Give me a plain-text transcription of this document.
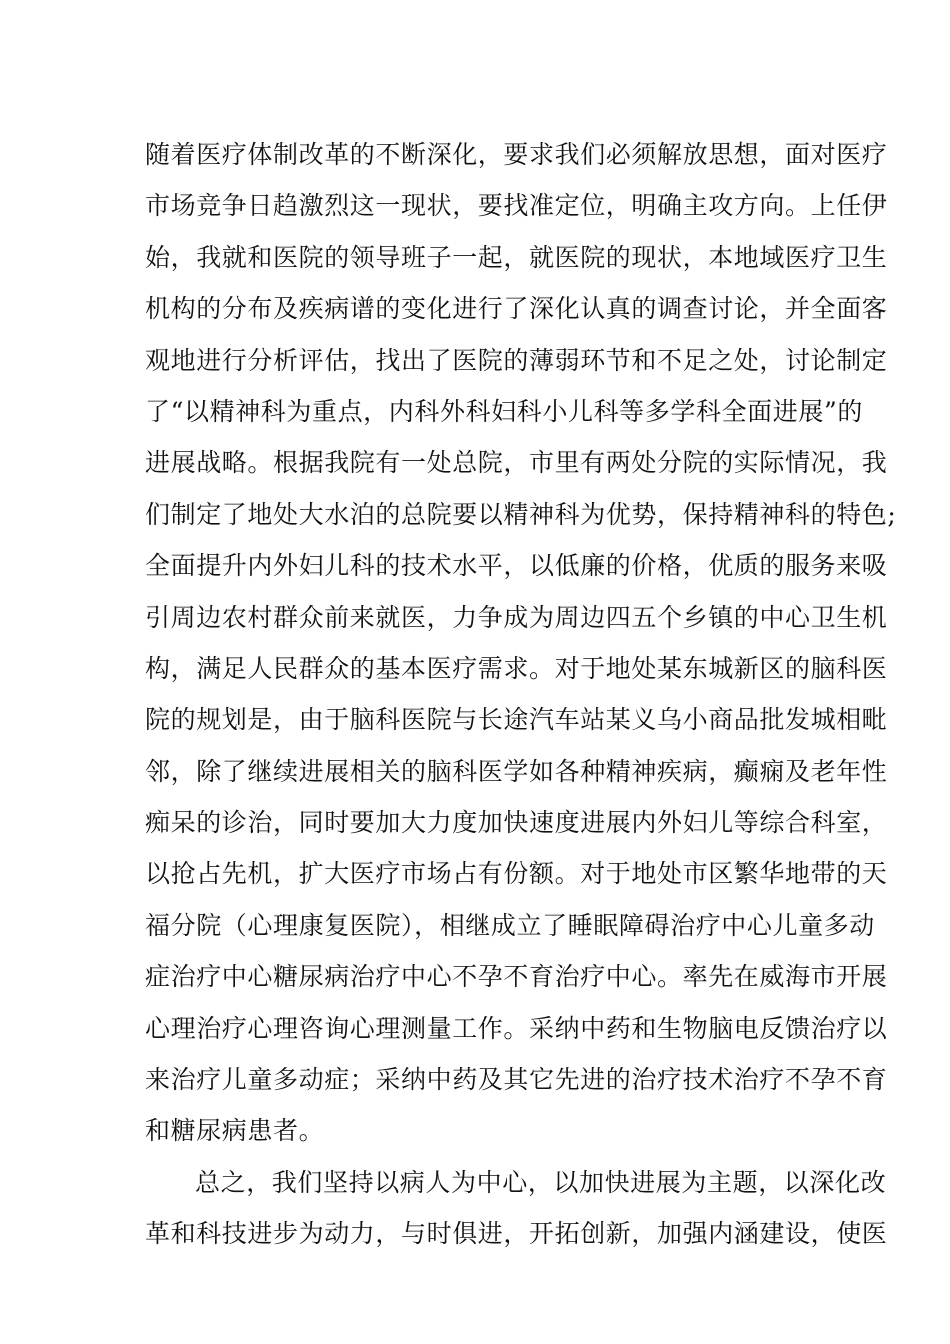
随着医疗体制改革的不断深化，要求我们必须解放思想，面对医疗
市场竞争日趋激烈这一现状，要找准定位，明确主攻方向。上任伊
始，我就和医院的领导班子一起，就医院的现状，本地域医疗卫生
机构的分布及疾病谱的变化进行了深化认真的调查讨论，并全面客
观地进行分析评估，找出了医院的薄弱环节和不足之处，讨论制定
了“以精神科为重点，内科外科妇科小儿科等多学科全面进展”的
进展战略。根据我院有一处总院，市里有两处分院的实际情况，我
们制定了地处大水泊的总院要以精神科为优势，保持精神科的特色;
全面提升内外妇儿科的技术水平，以低廉的价格，优质的服务来吸
引周边农村群众前来就医，力争成为周边四五个乡镇的中心卫生机
构，满足人民群众的基本医疗需求。对于地处某东城新区的脑科医
院的规划是，由于脑科医院与长途汽车站某义乌小商品批发城相毗
邻，除了继续进展相关的脑科医学如各种精神疾病，癫痫及老年性
痴呆的诊治，同时要加大力度加快速度进展内外妇儿等综合科室，
以抢占先机，扩大医疗市场占有份额。对于地处市区繁华地带的天
福分院（心理康复医院），相继成立了睡眠障碍治疗中心儿童多动
症治疗中心糖尿病治疗中心不孕不育治疗中心。率先在威海市开展
心理治疗心理咨询心理测量工作。采纳中药和生物脑电反馈治疗以
来治疗儿童多动症；采纳中药及其它先进的治疗技术治疗不孕不育
和糖尿病患者。
总之，我们坚持以病人为中心，以加快进展为主题，以深化改
革和科技进步为动力，与时俱进，开拓创新，加强内涵建设，使医
